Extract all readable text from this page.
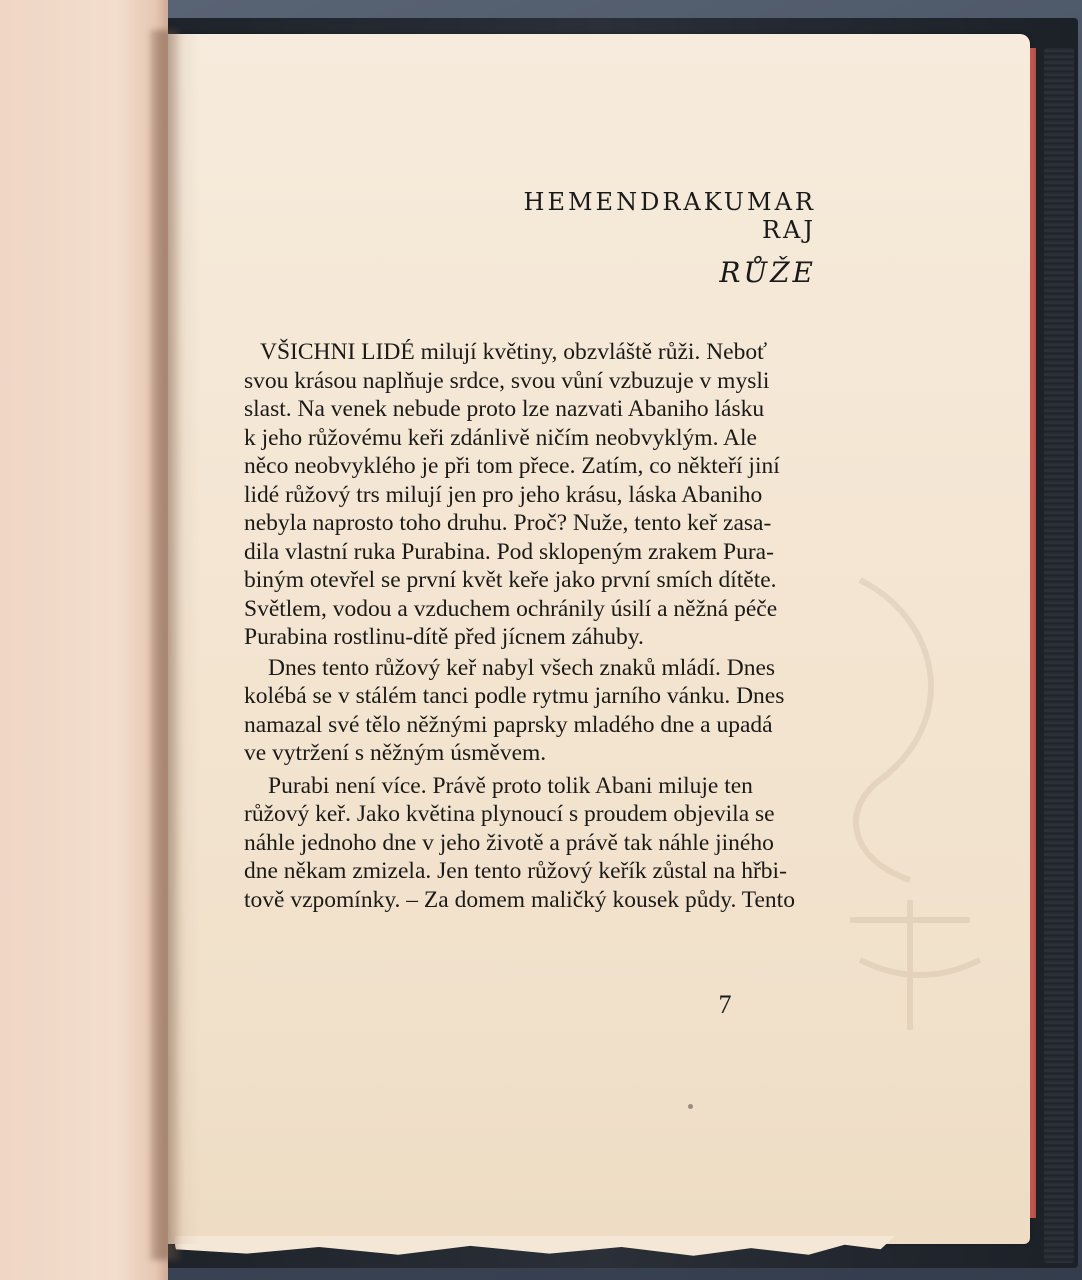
HEMENDRAKUMAR RAJ
RŮŽE
VŠICHNI LIDÉ milují květiny, obzvláště růži. Neboť
svou krásou naplňuje srdce, svou vůní vzbuzuje v mysli
slast. Na venek nebude proto lze nazvati Abaniho lásku
k jeho růžovému keři zdánlivě ničím neobvyklým. Ale
něco neobvyklého je při tom přece. Zatím, co někteří jiní
lidé růžový trs milují jen pro jeho krásu, láska Abaniho
nebyla naprosto toho druhu. Proč? Nuže, tento keř zasa-
dila vlastní ruka Purabina. Pod sklopeným zrakem Pura-
biným otevřel se první květ keře jako první smích dítěte.
Světlem, vodou a vzduchem ochránily úsilí a něžná péče
Purabina rostlinu-dítě před jícnem záhuby.
Dnes tento růžový keř nabyl všech znaků mládí. Dnes
kolébá se v stálém tanci podle rytmu jarního vánku. Dnes
namazal své tělo něžnými paprsky mladého dne a upadá
ve vytržení s něžným úsměvem.
Purabi není více. Právě proto tolik Abani miluje ten
růžový keř. Jako květina plynoucí s proudem objevila se
náhle jednoho dne v jeho životě a právě tak náhle jiného
dne někam zmizela. Jen tento růžový keřík zůstal na hřbi-
tově vzpomínky. – Za domem maličký kousek půdy. Tento
7
